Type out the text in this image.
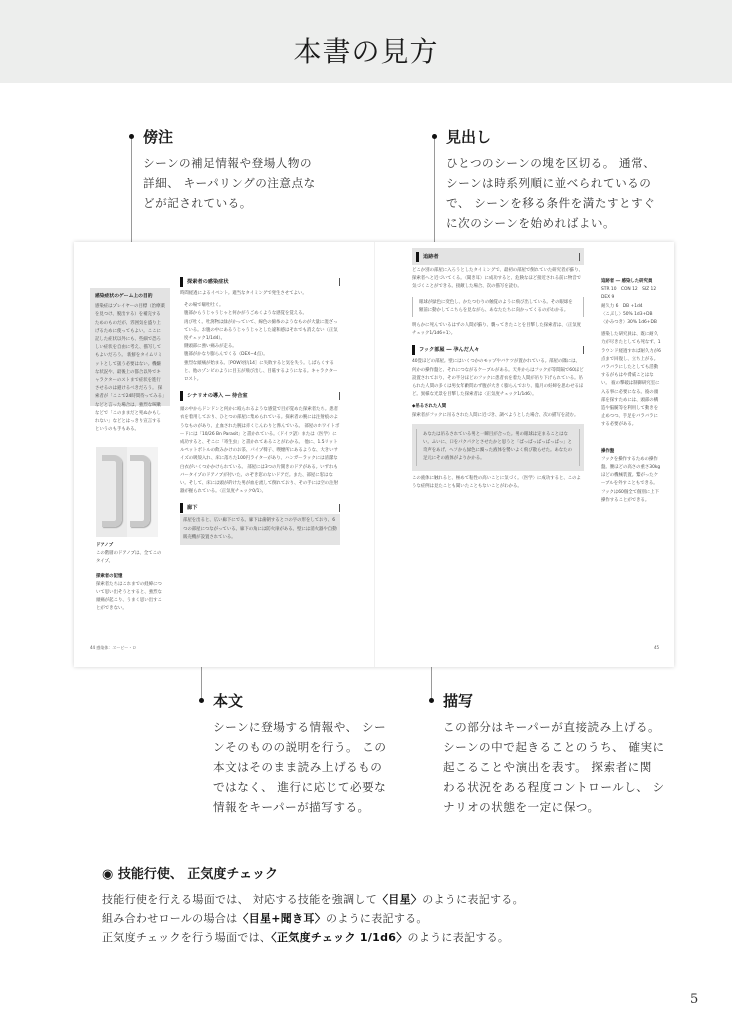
本書の見方
傍注

シーンの補足情報や登場人物の

詳細、 キーパリングの注意点な

どが記されている。

見出し

ひとつのシーンの塊を区切る。 通常、

シーンは時系列順に並べられているの

で、 シーンを移る条件を満たすとすぐ

に次のシーンを始めればよい。

感染症状のゲーム上の目的
感染症はプレイヤーの目標（治療薬を見つけ、脱出する）を補完するためのものだが、雰囲気を盛り上げるために使ってもよい。ここに記した症状以外にも、些細で恐ろしい症状を自由に考え、描写してもよいだろう。 新鮮をタイムリミットとして扱う必要はない。機嫌な状況や、最後上の都合以外でキャラクターのストまで症状を進行させるのは避けるべきだろう。 探索者が「ここで24時間待ってみる」などと言った場合は、強烈な咳嗽などで「このままだと死ぬかもしれない」などとはっきり宣言するというのも手もある。
ドアノブ
この階層のドアノブは、全てこのタイプ。
探索者の記憶
探索者たちはこれまでの経緯について思い出そうとすると、強烈な頭痛が起こり、うまく思い出すことができない。
探索者の感染症状
時間経過によるイベント。適当なタイミングで発生させてよい。
その場で嘔吐吐く。
腹部からうじゃうじゃと何かがうごめくような感覚を覚える。
再び吐く。吐瀉物は緑がかっていて、線色の綿糸のようなものが大量に混ざっている。お腹の中にあるうじゃうじゃとした違和感はそれでも消えない（正気度チェック1/1d4）。
側頭部に強い痛みが走る。
腹部がかなり膨らんでくる（DEX−4点）。
強烈な頭痛が始まる。［POW対抗14］に失敗すると気を失う。しばらくすると、他のゾンビのように目玉が飛び出し、目眩するようになる。キャラクターロスト。
シナリオの導入 ― 待合室
頭の中からドンドンと何かに殴られるような感覚で目が覚めた探索者たち。患者衣を着用しており、ひとつの部屋に集められている。探索者の腕には注射痕のようなものがあり、止血された腕は赤くじんわりと滲んでいる。 部屋のホワイトボードには「10/26 Bn Parasit」と書かれている。〈ドイツ語〉または〈医学〉に成功すると、そこに「寄生虫」と書かれてあることがわかる。 他に、1.5リットルペットボトルの飲みかけのお茶、パイプ椅子、喫煙所にあるような、大きいサイズの吸殻入れ、床に落ちた100円ライターがあり、ハンガーラックには清潔な白衣がいくつかかけられている。 部屋には3つの片開きのドアがある。いずれもバータイプのドアノブが付いた、のぞき窓のないドアだ。また、部屋に窓はない。そして、床には頭が砕けた男が血を流して倒れており、その手には空の注射器が握られている。〈正気度チェック0/1〉。
廊下
部屋を出ると、広い廊下にでる。廊下は歯朝するとコの字の形をしており、6つの部屋につながっている。廊下の角には防火扉がある。壁には消火器や自動販売機が設置されている。
44 感染体：ヱーピー・ロ
追跡者
どこか別の部屋に入ろうとしたタイミングで、最初の部屋で倒れていた研究者が蘇り、探索者へと近づいてくる。〈聞き耳〉に成功すると、危険なほど接近される前に物音で気づくことができる。接敵した場合、次の描写を読む。
眼球が緑色に変色し、かたつむりの触覚のように飛び出している。その眼球を額前に動かしてこちらを見ながら、あなたたちに向かってくるのがわかる。
明らかに死んでいるはずの人間が蘇り、襲ってきたことを目撃した探索者は、〈正気度チェック1/1d6+1〉。
フック部屋 ― 孕んだ人々
40畳ほどの部屋。壁にはいくつかのモップやバケツが置かれている。部屋の隅には、何かの操作盤と、それにつながるケーブルがある。天井からはフックが等間隔で60ほど設置されており、その半分ほどのフックに患者衣を着た人間が吊り下げられている。吊られた人間の多くは男女年齢問わず腹が大きく膨らんでおり、臨月の妊婦を思わせるほど。異様な光景を目撃した探索者は〈正気度チェック1/1d6〉。
◆吊るされた人間
探索者がフックに吊るされた人間に近づき、調べようとした場合、次の描写を読む。
あなたは吊るされている男と一瞬目が合った。男の眼球は定まることはない。ふいに、口をパクパクとさせたかと思うと「ばっぱっぱっぱっぱっ」と奇声をあげ、ヘソから緑色に濁った液体を勢いよく飛び散らせた。あなたの足元にその液体がよりかかる。
この液体に触れると、極めて粘性の高いことに気づく。〈医学〉に成功すると、このような症例は見たことも聞いたこともないことがわかる。
追跡者 ― 感染した研究員
STR 10　CON 12　SIZ 12　DEX 9
耐久力 6　DB +1d4
〈こぶし〉50% 1d3+DB
〈かみつき〉30% 1d6+DB
感染した研究員は、既に耐久力が尽きたとしても死なず、1ラウンド経過すれば耐久力が6点まで回復し、立ち上がる。バラバラにしたとしても活動するがもはや脅威ことはない。 彼の撃破は制御研究室に入る事に必要になる。彼の頭部を探すためには、頭部の構造や脳髄等を利用して動きを止めつつ、手足をバラバラにする必要がある。
操作盤
フックを操作するための操作盤。腰ほどの高さの重さ30kgほどの機械装置。繋がったケーブルを外すこともできる。フックは60個全て個別に上下操作することができる。
45
本文

シーンに登場する情報や、 シー

ンそのものの説明を行う。 この

本文はそのまま読み上げるもの

ではなく、 進行に応じて必要な

情報をキーパーが描写する。

描写

この部分はキーパーが直接読み上げる。

シーンの中で起きることのうち、 確実に

起こることや演出を表す。 探索者に関

わる状況をある程度コントロールし、 シ

ナリオの状態を一定に保つ。

◉ 技能行使、 正気度チェック

技能行使を行える場面では、 対応する技能を強調して〈目星〉のように表記する。

組み合わせロールの場合は〈目星+聞き耳〉のように表記する。

正気度チェックを行う場面では、〈正気度チェック 1/1d6〉のように表記する。

5
